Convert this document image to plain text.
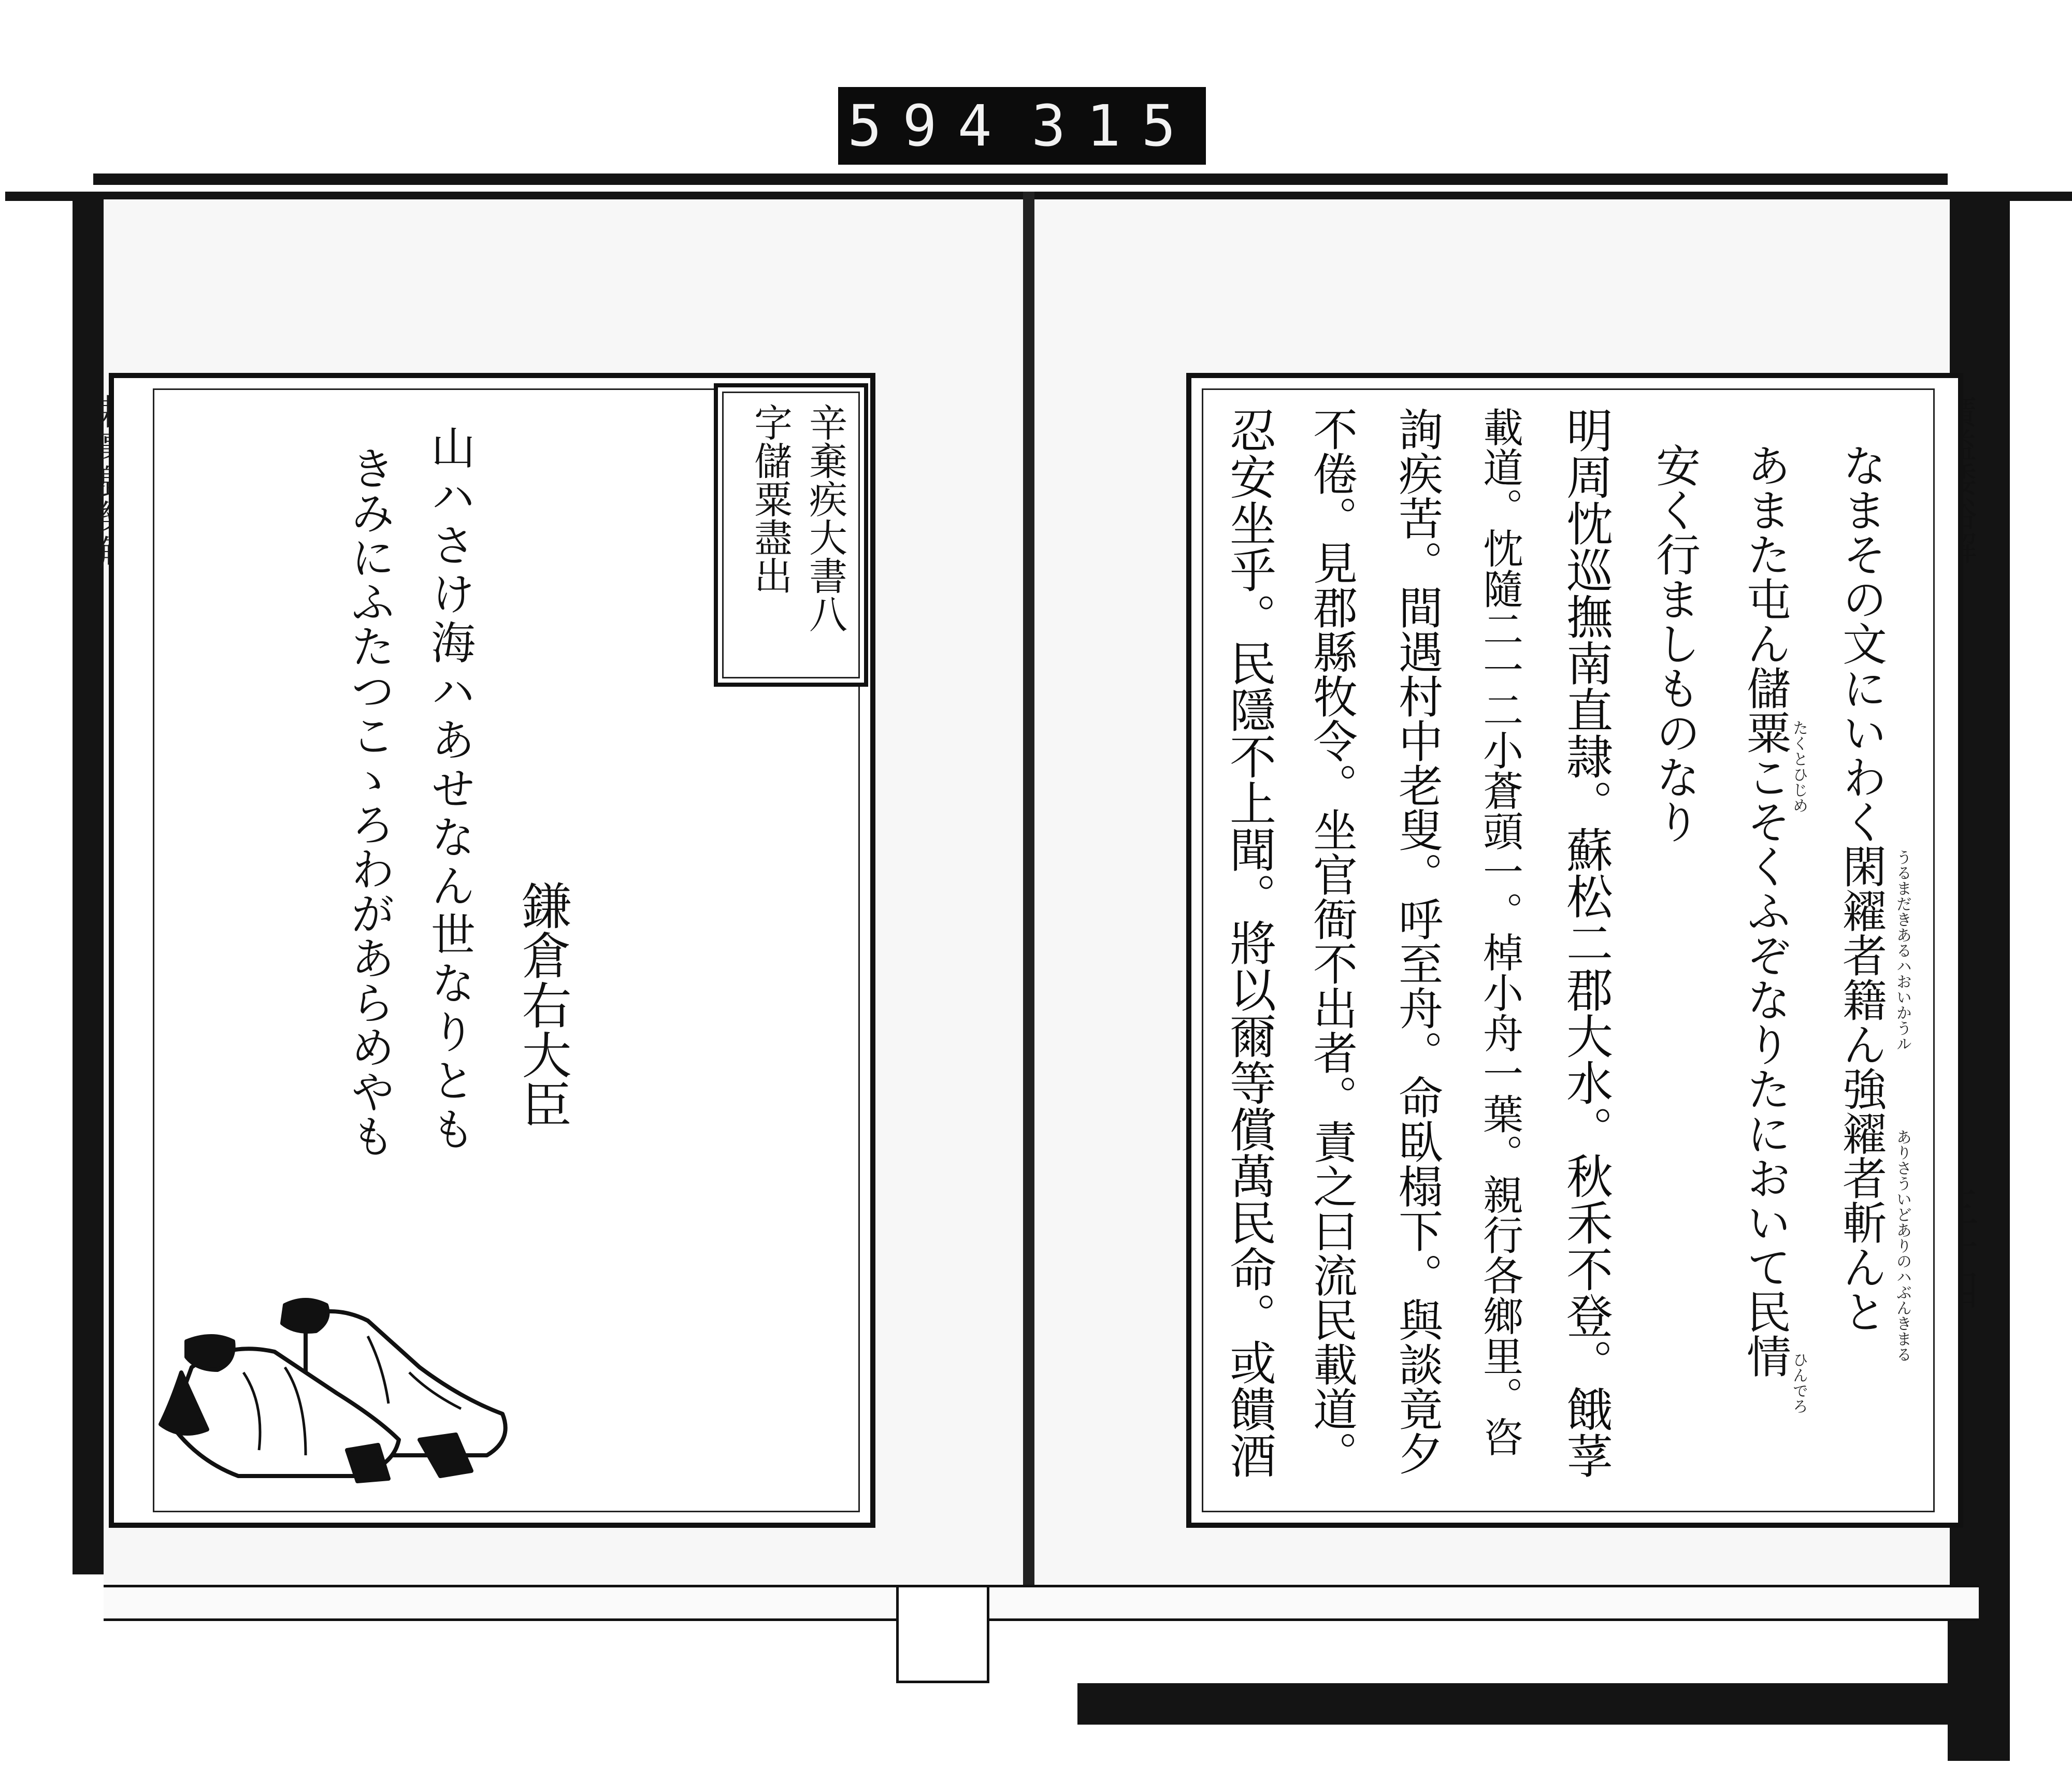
594 315
辛棄疾大書八
字儲粟盡出
山ハさけ海ハあせなん世なりとも
きみにふたつこゝろわがあらめやも 鎌倉右大臣	なまその文にいわく閑糴者籍ん強糴者斬んと
あまた屯ん儲粟こそくふぞなりたにおいて民情
安く行ましものなり
うるまだきあるハおいかうル
ありさういどありのハぶんきまる
たくとひじめ
ひんでろ
明周忱巡撫南直隷。蘇松二郡大水。秋禾不登。餓莩
載道。忱隨二一二小蒼頭一。棹小舟一葉。親行各鄉里。咨
詢疾苦。間遇村中老叟。呼至舟。命臥榻下。與談竟夕
不倦。見郡縣牧令。坐官衙不出者。責之曰流民載道。
忍安坐乎。民隱不上聞。將以爾等償萬民命。或饋酒
